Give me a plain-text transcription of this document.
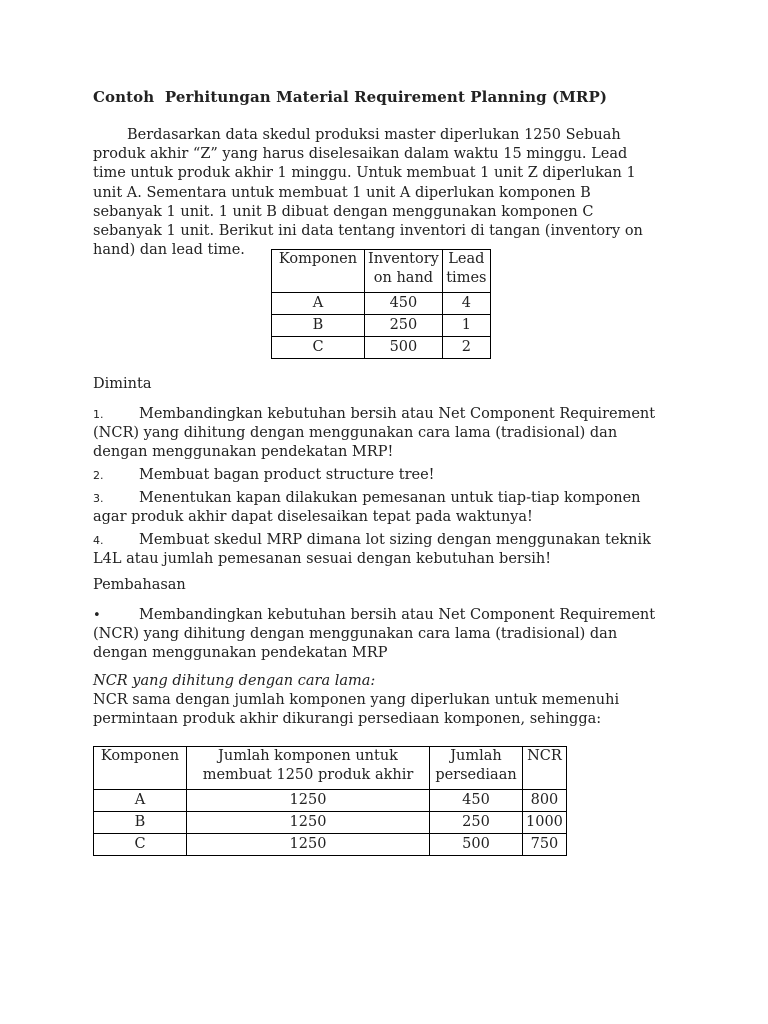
Contoh  Perhitungan Material Requirement Planning (MRP)

Berdasarkan data skedul produksi master diperlukan 1250 Sebuah produk akhir “Z” yang harus diselesaikan dalam waktu 15 minggu. Lead time untuk produk akhir 1 minggu. Untuk membuat 1 unit Z diperlukan 1 unit A. Sementara untuk membuat 1 unit A diperlukan komponen B sebanyak 1 unit. 1 unit B dibuat dengan menggunakan komponen C sebanyak 1 unit. Berikut ini data tentang inventori di tangan (inventory on hand) dan lead time.

Komponen	Inventory on hand	Lead times
A	450	4
B	250	1
C	500	2
Diminta
1. Membandingkan kebutuhan bersih atau Net Component Requirement (NCR) yang dihitung dengan menggunakan cara lama (tradisional) dan dengan menggunakan pendekatan MRP!
2. Membuat bagan product structure tree!
3. Menentukan kapan dilakukan pemesanan untuk tiap-tiap komponen agar produk akhir dapat diselesaikan tepat pada waktunya!
4. Membuat skedul MRP dimana lot sizing dengan menggunakan teknik L4L atau jumlah pemesanan sesuai dengan kebutuhan bersih!
Pembahasan
•	Membandingkan kebutuhan bersih atau Net Component Requirement (NCR) yang dihitung dengan menggunakan cara lama (tradisional) dan dengan menggunakan pendekatan MRP
NCR yang dihitung dengan cara lama:
NCR sama dengan jumlah komponen yang diperlukan untuk memenuhi permintaan produk akhir dikurangi persediaan komponen, sehingga:
Komponen	Jumlah komponen untuk membuat 1250 produk akhir	Jumlah persediaan	NCR
A	1250	450	800
B	1250	250	1000
C	1250	500	750
